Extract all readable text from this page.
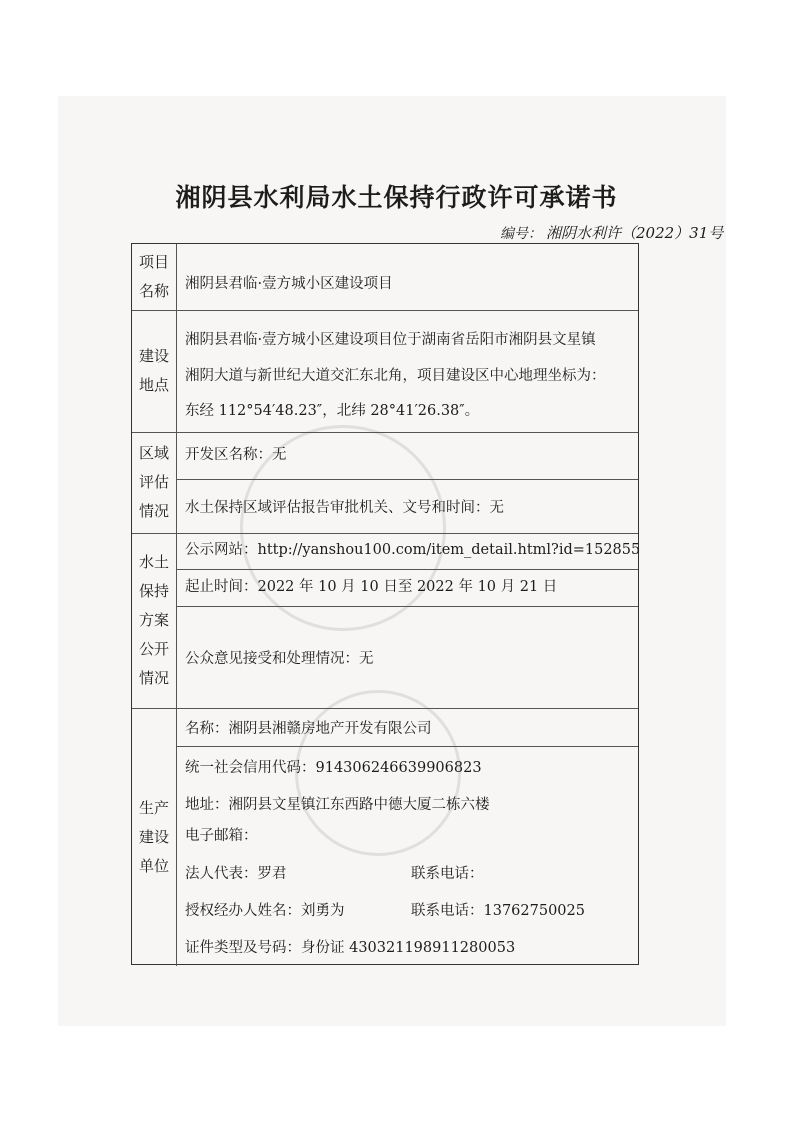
湘阴县水利局水土保持行政许可承诺书
编号： 湘阴水利许（2022）31号
项目
名称 湘阴县君临·壹方城小区建设项目
建设
地点
湘阴县君临·壹方城小区建设项目位于湖南省岳阳市湘阴县文星镇
湘阴大道与新世纪大道交汇东北角，项目建设区中心地理坐标为：
东经 112°54′48.23″，北纬 28°41′26.38″。
区域
评估
情况
开发区名称：无
水土保持区域评估报告审批机关、文号和时间：无
水土
保持
方案
公开
情况
公示网站：http://yanshou100.com/item_detail.html?id=152855
起止时间：2022 年 10 月 10 日至 2022 年 10 月 21 日
公众意见接受和处理情况：无
生产
建设
单位
名称：湘阴县湘赣房地产开发有限公司
统一社会信用代码：914306246639906823
地址：湘阴县文星镇江东西路中德大厦二栋六楼
电子邮箱：
法人代表：罗君	联系电话：
授权经办人姓名：刘勇为	联系电话：13762750025
证件类型及号码：身份证 430321198911280053
